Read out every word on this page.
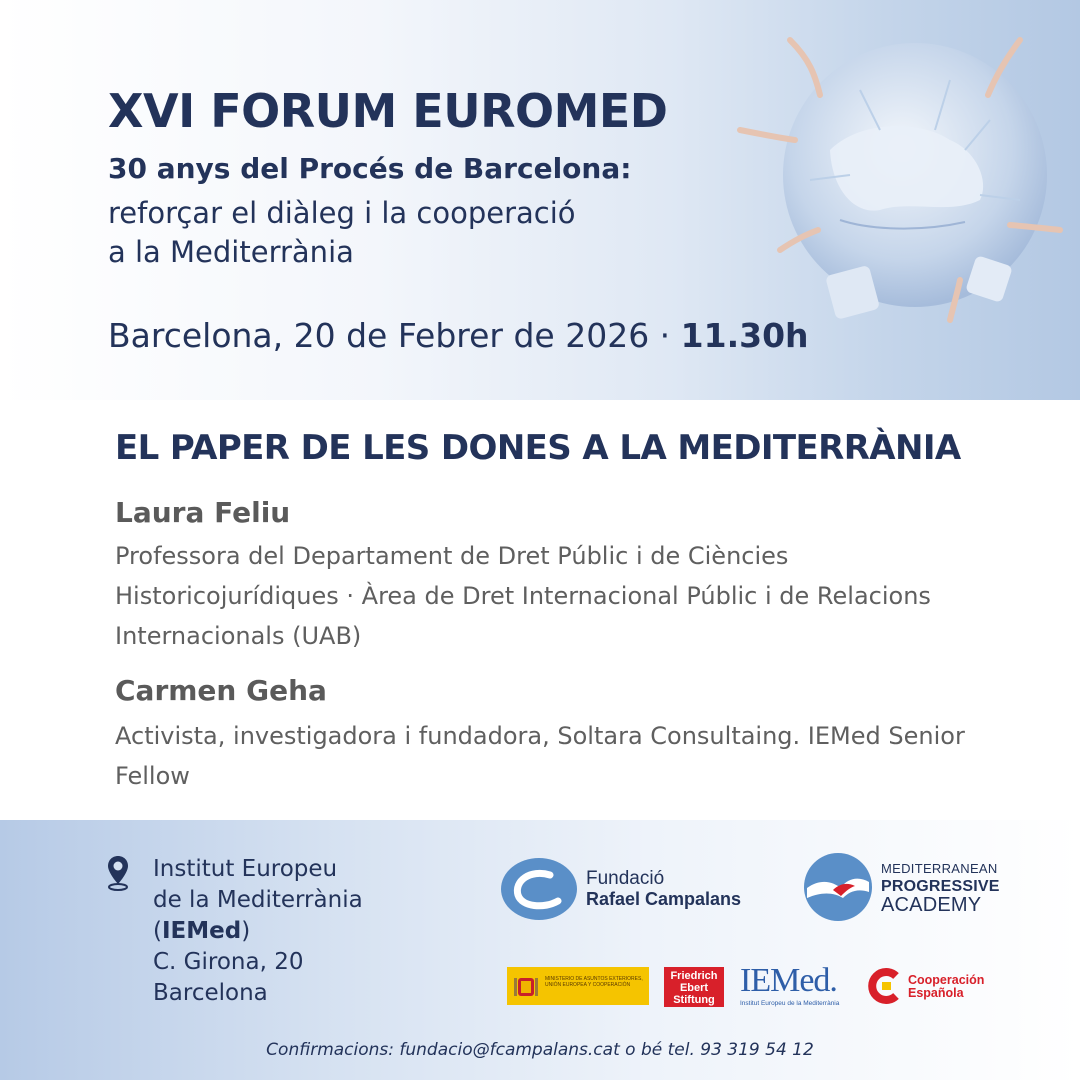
XVI FORUM EUROMED
30 anys del Procés de Barcelona:
reforçar el diàleg i la cooperació
a la Mediterrània
Barcelona, 20 de Febrer de 2026 · 11.30h
EL PAPER DE LES DONES A LA MEDITERRÀNIA
Laura Feliu
Professora del Departament de Dret Públic i de Ciències Historicojurídiques · Àrea de Dret Internacional Públic i de Relacions Internacionals (UAB)
Carmen Geha
Activista, investigadora i fundadora, Soltara Consultaing. IEMed Senior Fellow
Institut Europeu
de la Mediterrània
(IEMed)
C. Girona, 20
Barcelona
Fundació
Rafael Campalans
MEDITERRANEAN
PROGRESSIVE
ACADEMY
MINISTERIO DE ASUNTOS EXTERIORES, UNIÓN EUROPEA Y COOPERACIÓN
Friedrich
Ebert
Stiftung
IEMed.
Institut Europeu de la Mediterrània
Cooperación
Española
Confirmacions: fundacio@fcampalans.cat o bé tel. 93 319 54 12
